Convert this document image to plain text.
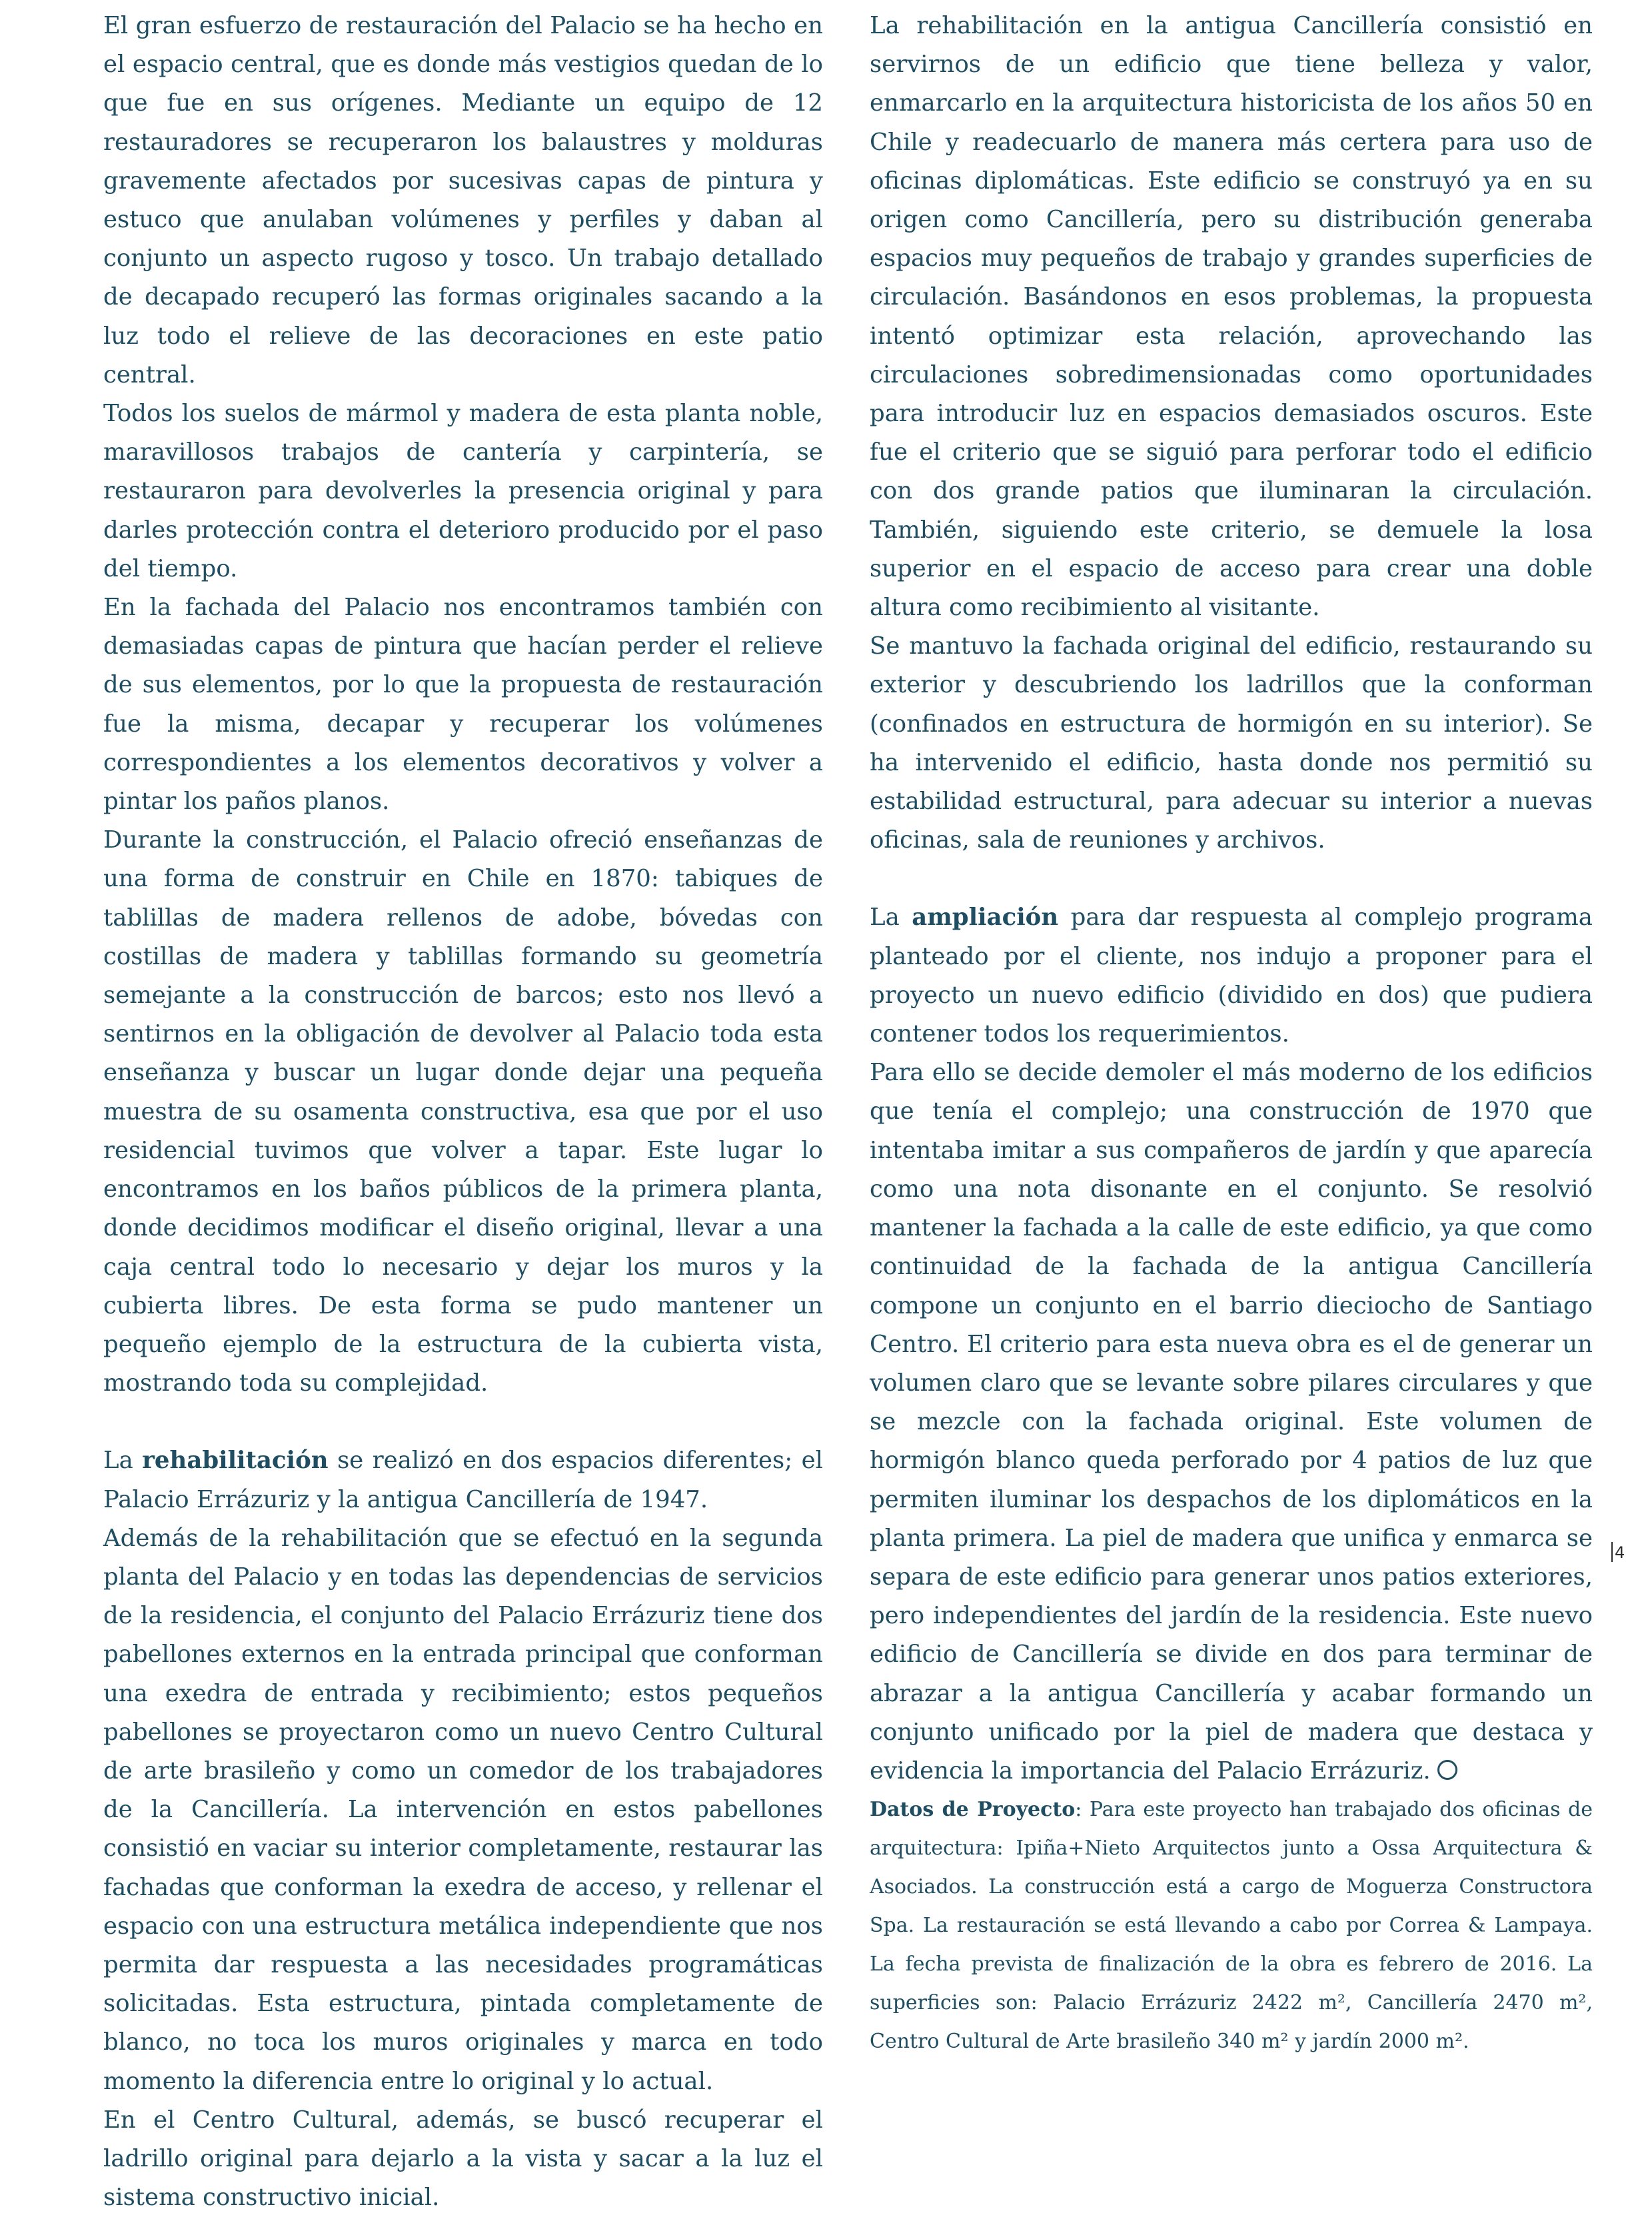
El gran esfuerzo de restauración del Palacio se ha hecho en el espacio central, que es donde más vestigios quedan de lo que fue en sus orígenes. Mediante un equipo de 12 restauradores se recuperaron los balaustres y molduras gravemente afectados por sucesivas capas de pintura y estuco que anulaban volúmenes y perfiles y daban al conjunto un aspecto rugoso y tosco. Un trabajo detallado de decapado recuperó las formas originales sacando a la luz todo el relieve de las decoraciones en este patio central.

Todos los suelos de mármol y madera de esta planta noble, maravillosos trabajos de cantería y carpintería, se restauraron para devolverles la presencia original y para darles protección contra el deterioro producido por el paso del tiempo.

En la fachada del Palacio nos encontramos también con demasiadas capas de pintura que hacían perder el relieve de sus elementos, por lo que la propuesta de restauración fue la misma, decapar y recuperar los volúmenes correspondientes a los elementos decorativos y volver a pintar los paños planos.

Durante la construcción, el Palacio ofreció enseñanzas de una forma de construir en Chile en 1870: tabiques de tablillas de madera rellenos de adobe, bóvedas con costillas de madera y tablillas formando su geometría semejante a la construcción de barcos; esto nos llevó a sentirnos en la obligación de devolver al Palacio toda esta enseñanza y buscar un lugar donde dejar una pequeña muestra de su osamenta constructiva, esa que por el uso residencial tuvimos que volver a tapar. Este lugar lo encontramos en los baños públicos de la primera planta, donde decidimos modificar el diseño original, llevar a una caja central todo lo necesario y dejar los muros y la cubierta libres. De esta forma se pudo mantener un pequeño ejemplo de la estructura de la cubierta vista, mostrando toda su complejidad.

La rehabilitación se realizó en dos espacios diferentes; el Palacio Errázuriz y la antigua Cancillería de 1947.

Además de la rehabilitación que se efectuó en la segunda planta del Palacio y en todas las dependencias de servicios de la residencia, el conjunto del Palacio Errázuriz tiene dos pabellones externos en la entrada principal que conforman una exedra de entrada y recibimiento; estos pequeños pabellones se proyectaron como un nuevo Centro Cultural de arte brasileño y como un comedor de los trabajadores de la Cancillería. La intervención en estos pabellones consistió en vaciar su interior completamente, restaurar las fachadas que conforman la exedra de acceso, y rellenar el espacio con una estructura metálica independiente que nos permita dar respuesta a las necesidades programáticas solicitadas. Esta estructura, pintada completamente de blanco, no toca los muros originales y marca en todo momento la diferencia entre lo original y lo actual.

En el Centro Cultural, además, se buscó recuperar el ladrillo original para dejarlo a la vista y sacar a la luz el sistema constructivo inicial.

La rehabilitación en la antigua Cancillería consistió en servirnos de un edificio que tiene belleza y valor, enmarcarlo en la arquitectura historicista de los años 50 en Chile y readecuarlo de manera más certera para uso de oficinas diplomáticas. Este edificio se construyó ya en su origen como Cancillería, pero su distribución generaba espacios muy pequeños de trabajo y grandes superficies de circulación. Basándonos en esos problemas, la propuesta intentó optimizar esta relación, aprovechando las circulaciones sobredimensionadas como oportunidades para introducir luz en espacios demasiados oscuros. Este fue el criterio que se siguió para perforar todo el edificio con dos grande patios que iluminaran la circulación. También, siguiendo este criterio, se demuele la losa superior en el espacio de acceso para crear una doble altura como recibimiento al visitante.

Se mantuvo la fachada original del edificio, restaurando su exterior y descubriendo los ladrillos que la conforman (confinados en estructura de hormigón en su interior). Se ha intervenido el edificio, hasta donde nos permitió su estabilidad estructural, para adecuar su interior a nuevas oficinas, sala de reuniones y archivos.

La ampliación para dar respuesta al complejo programa planteado por el cliente, nos indujo a proponer para el proyecto un nuevo edificio (dividido en dos) que pudiera contener todos los requerimientos.

Para ello se decide demoler el más moderno de los edificios que tenía el complejo; una construcción de 1970 que intentaba imitar a sus compañeros de jardín y que aparecía como una nota disonante en el conjunto. Se resolvió mantener la fachada a la calle de este edificio, ya que como continuidad de la fachada de la antigua Cancillería compone un conjunto en el barrio dieciocho de Santiago Centro. El criterio para esta nueva obra es el de generar un volumen claro que se levante sobre pilares circulares y que se mezcle con la fachada original. Este volumen de hormigón blanco queda perforado por 4 patios de luz que permiten iluminar los despachos de los diplomáticos en la planta primera. La piel de madera que unifica y enmarca se separa de este edificio para generar unos patios exteriores, pero independientes del jardín de la residencia. Este nuevo edificio de Cancillería se divide en dos para terminar de abrazar a la antigua Cancillería y acabar formando un conjunto unificado por la piel de madera que destaca y evidencia la importancia del Palacio Errázuriz.

Datos de Proyecto: Para este proyecto han trabajado dos oficinas de arquitectura: Ipiña+Nieto Arquitectos junto a Ossa Arquitectura & Asociados. La construcción está a cargo de Moguerza Constructora Spa. La restauración se está llevando a cabo por Correa & Lampaya. La fecha prevista de finalización de la obra es febrero de 2016. La superficies son: Palacio Errázuriz 2422 m², Cancillería 2470 m², Centro Cultural de Arte brasileño 340 m² y jardín 2000 m².

4
